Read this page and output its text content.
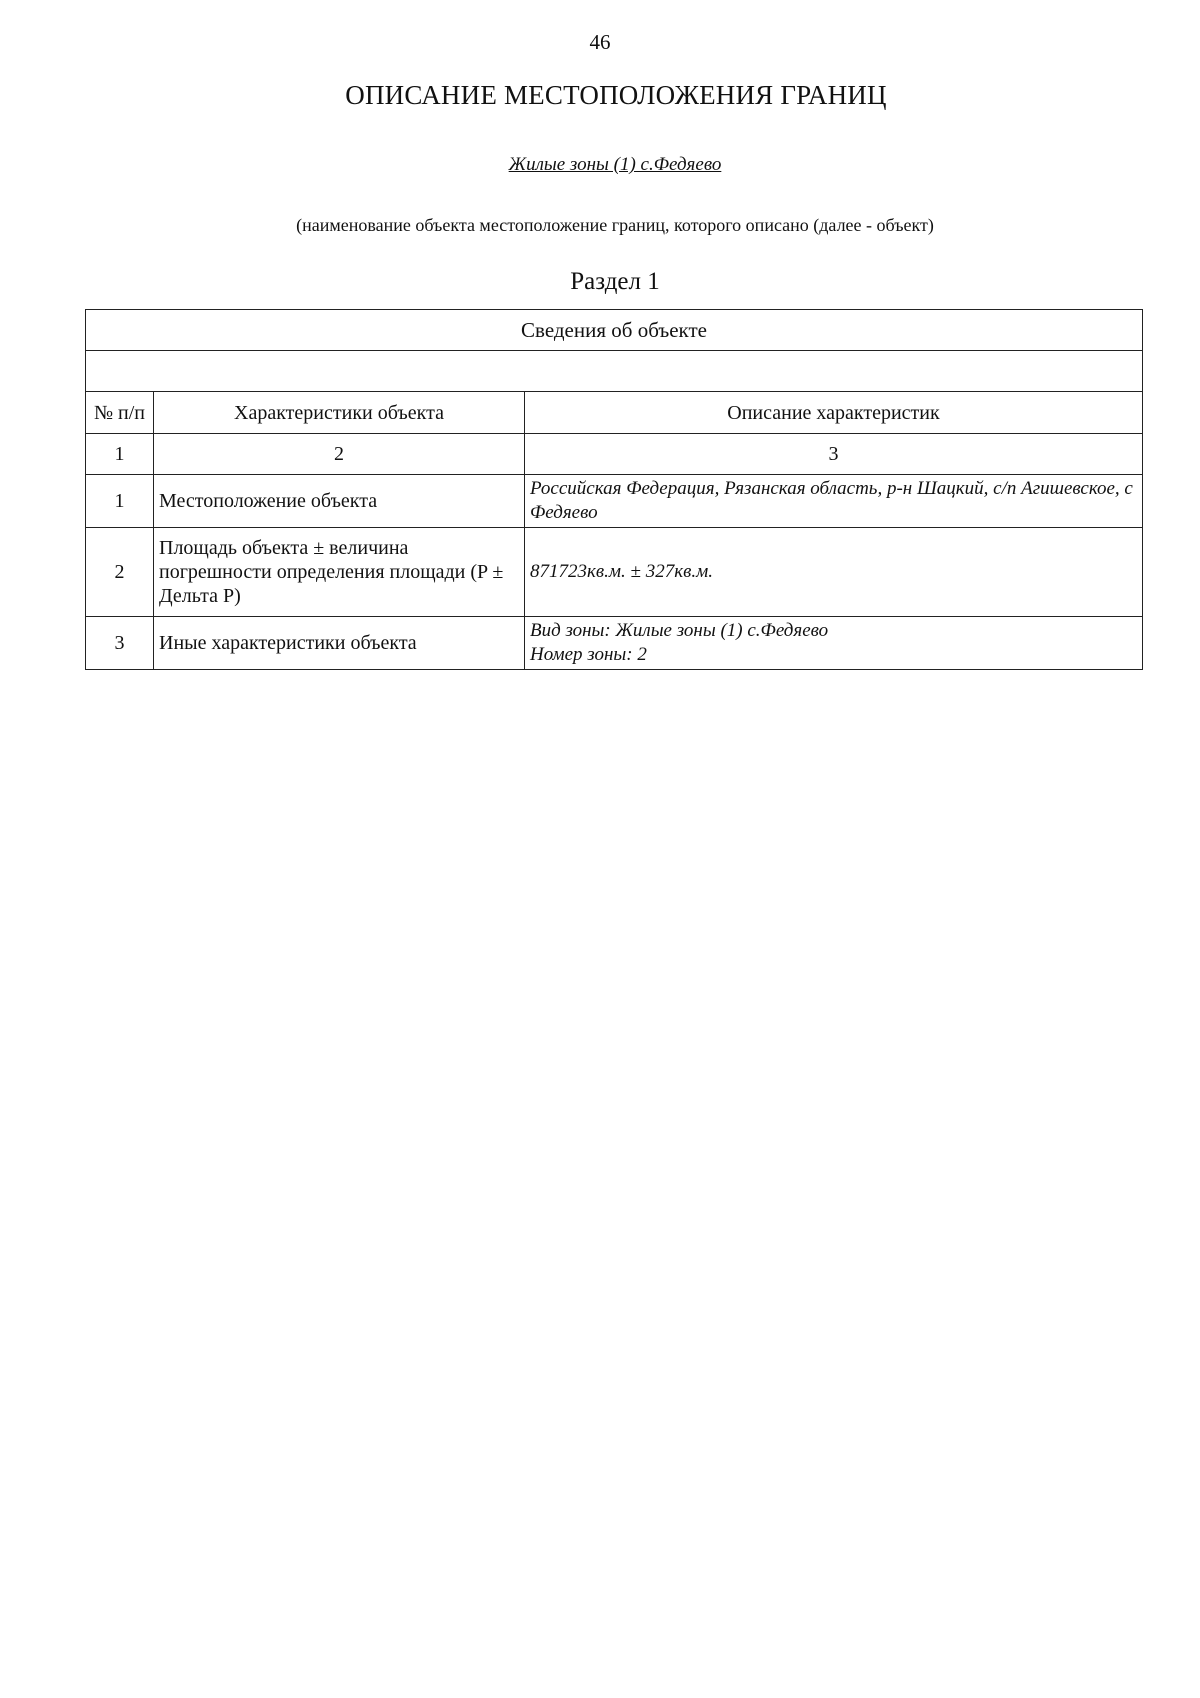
46
ОПИСАНИЕ МЕСТОПОЛОЖЕНИЯ ГРАНИЦ
Жилые зоны (1) с.Федяево
(наименование объекта местоположение границ, которого описано (далее - объект)
Раздел 1
Сведения об объекте		

№ п/п	Характеристики объекта	Описание характеристик
1	2	3
1	Местоположение объекта	Российская Федерация, Рязанская область, р-н Шацкий, с/п Агишевское, с Федяево

2	Площадь объекта ± величина погрешности определения площади (P ± Дельта P)	871723кв.м. ± 327кв.м.

3	Иные характеристики объекта	Вид зоны: Жилые зоны (1) с.Федяево
Номер зоны: 2
